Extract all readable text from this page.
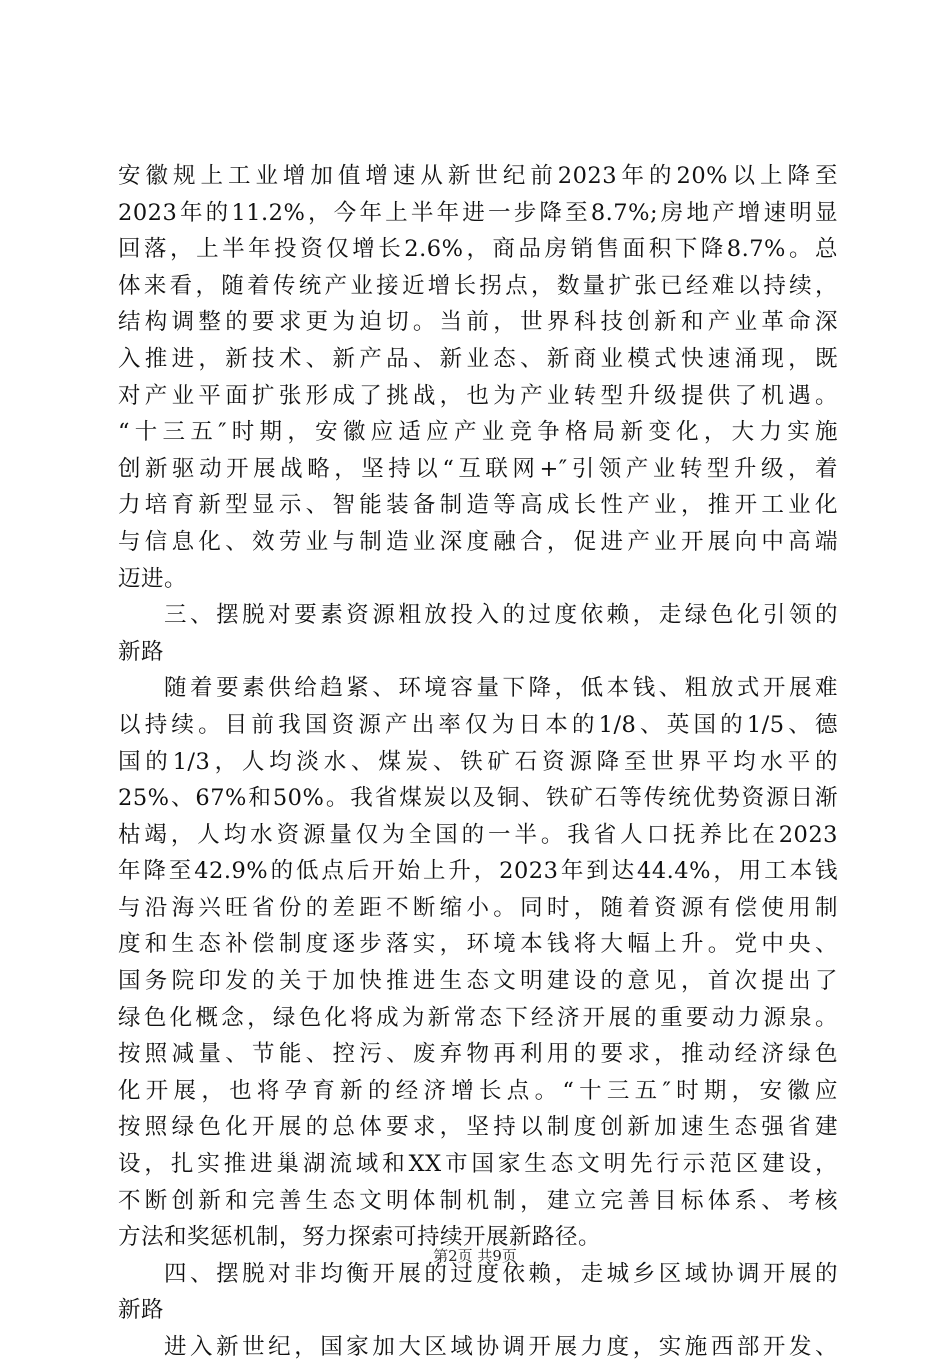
安徽规上工业增加值增速从新世纪前2023年的20%以上降至
2023年的11.2%，今年上半年进一步降至8.7%;房地产增速明显
回落，上半年投资仅增长2.6%，商品房销售面积下降8.7%。总
体来看，随着传统产业接近增长拐点，数量扩张已经难以持续，
结构调整的要求更为迫切。当前，世界科技创新和产业革命深
入推进，新技术、新产品、新业态、新商业模式快速涌现，既
对产业平面扩张形成了挑战，也为产业转型升级提供了机遇。
“十三五″时期，安徽应适应产业竞争格局新变化，大力实施
创新驱动开展战略，坚持以“互联网+″引领产业转型升级，着
力培育新型显示、智能装备制造等高成长性产业，推开工业化
与信息化、效劳业与制造业深度融合，促进产业开展向中高端
迈进。
三、摆脱对要素资源粗放投入的过度依赖，走绿色化引领的
新路
随着要素供给趋紧、环境容量下降，低本钱、粗放式开展难
以持续。目前我国资源产出率仅为日本的1/8、英国的1/5、德
国的1/3，人均淡水、煤炭、铁矿石资源降至世界平均水平的
25%、67%和50%。我省煤炭以及铜、铁矿石等传统优势资源日渐
枯竭，人均水资源量仅为全国的一半。我省人口抚养比在2023
年降至42.9%的低点后开始上升，2023年到达44.4%，用工本钱
与沿海兴旺省份的差距不断缩小。同时，随着资源有偿使用制
度和生态补偿制度逐步落实，环境本钱将大幅上升。党中央、
国务院印发的关于加快推进生态文明建设的意见，首次提出了
绿色化概念，绿色化将成为新常态下经济开展的重要动力源泉。
按照减量、节能、控污、废弃物再利用的要求，推动经济绿色
化开展，也将孕育新的经济增长点。“十三五″时期，安徽应
按照绿色化开展的总体要求，坚持以制度创新加速生态强省建
设，扎实推进巢湖流域和XX市国家生态文明先行示范区建设，
不断创新和完善生态文明体制机制，建立完善目标体系、考核
方法和奖惩机制，努力探索可持续开展新路径。
四、摆脱对非均衡开展的过度依赖，走城乡区域协调开展的
新路
进入新世纪，国家加大区域协调开展力度，实施西部开发、
第2页 共9页
